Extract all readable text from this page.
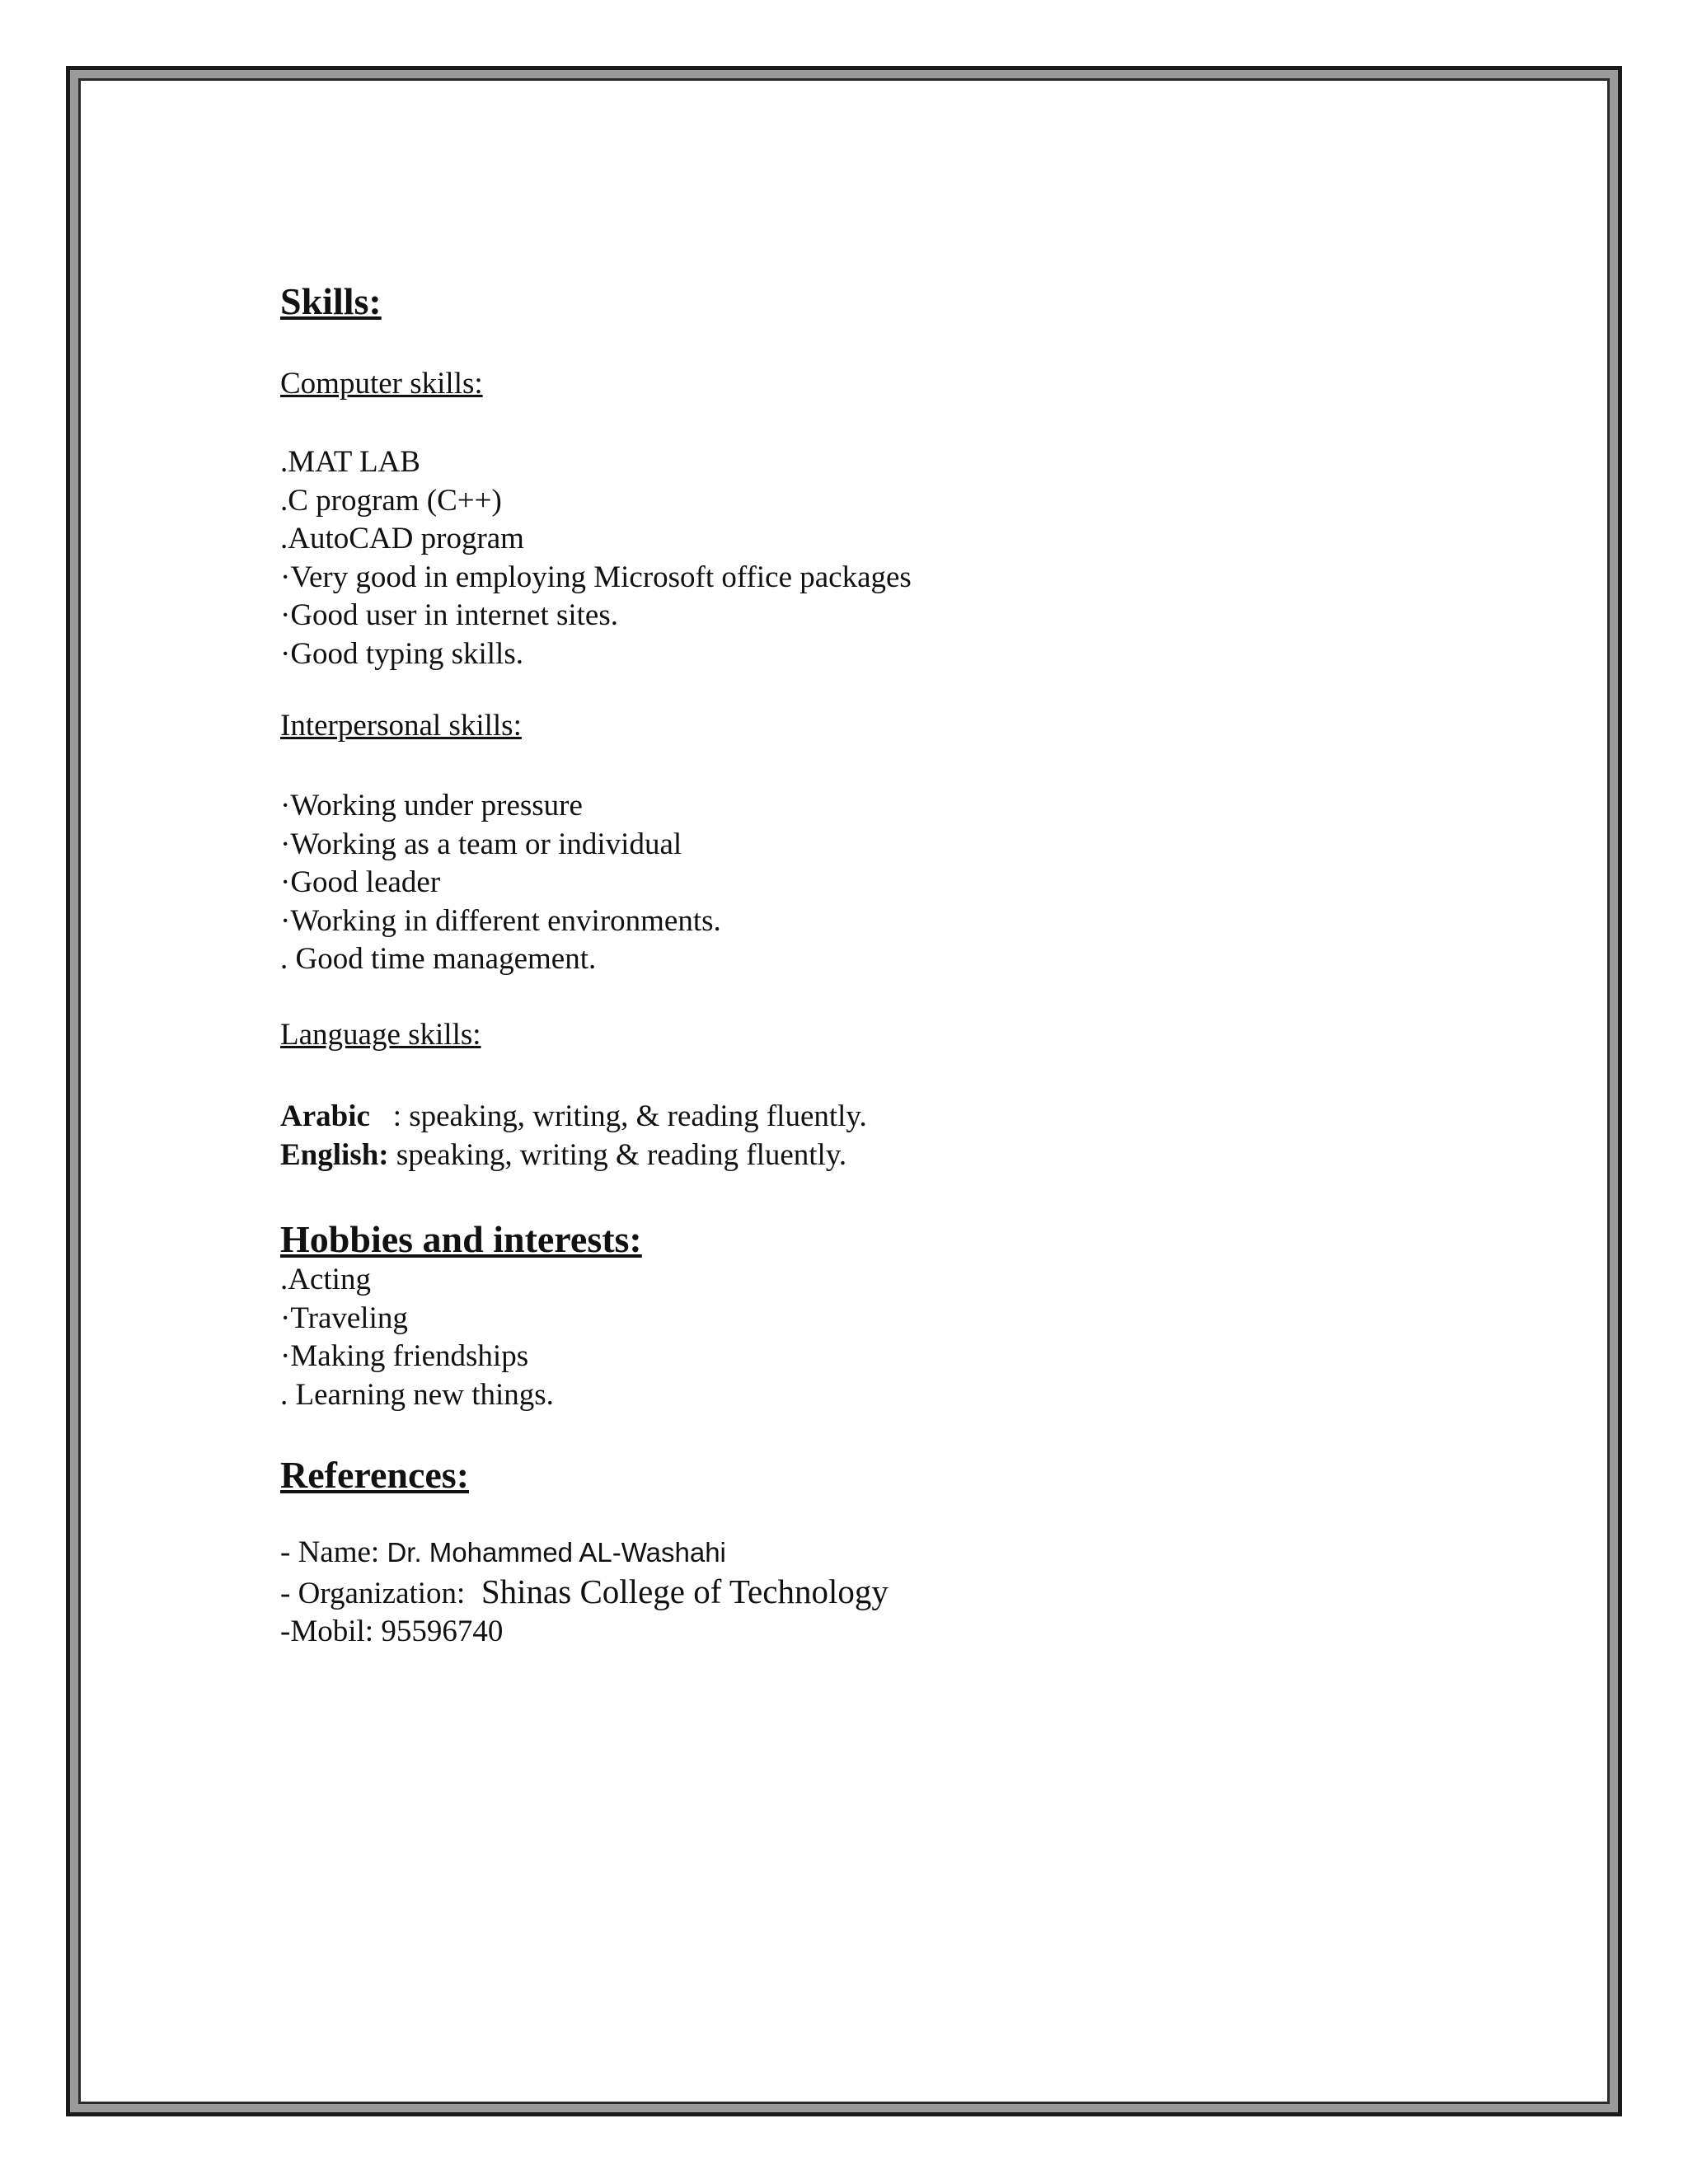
Skills:

Computer skills:

.MAT LAB
.C program (C++)
.AutoCAD program
·Very good in employing Microsoft office packages
·Good user in internet sites.
·Good typing skills.

Interpersonal skills:

·Working under pressure
·Working as a team or individual
·Good leader
·Working in different environments.
. Good time management.

Language skills:

Arabic   : speaking, writing, & reading fluently.
English: speaking, writing & reading fluently.
Hobbies and interests:
.Acting
·Traveling
·Making friendships
. Learning new things.
References:
- Name: Dr. Mohammed AL-Washahi
- Organization:  Shinas College of Technology
-Mobil: 95596740
